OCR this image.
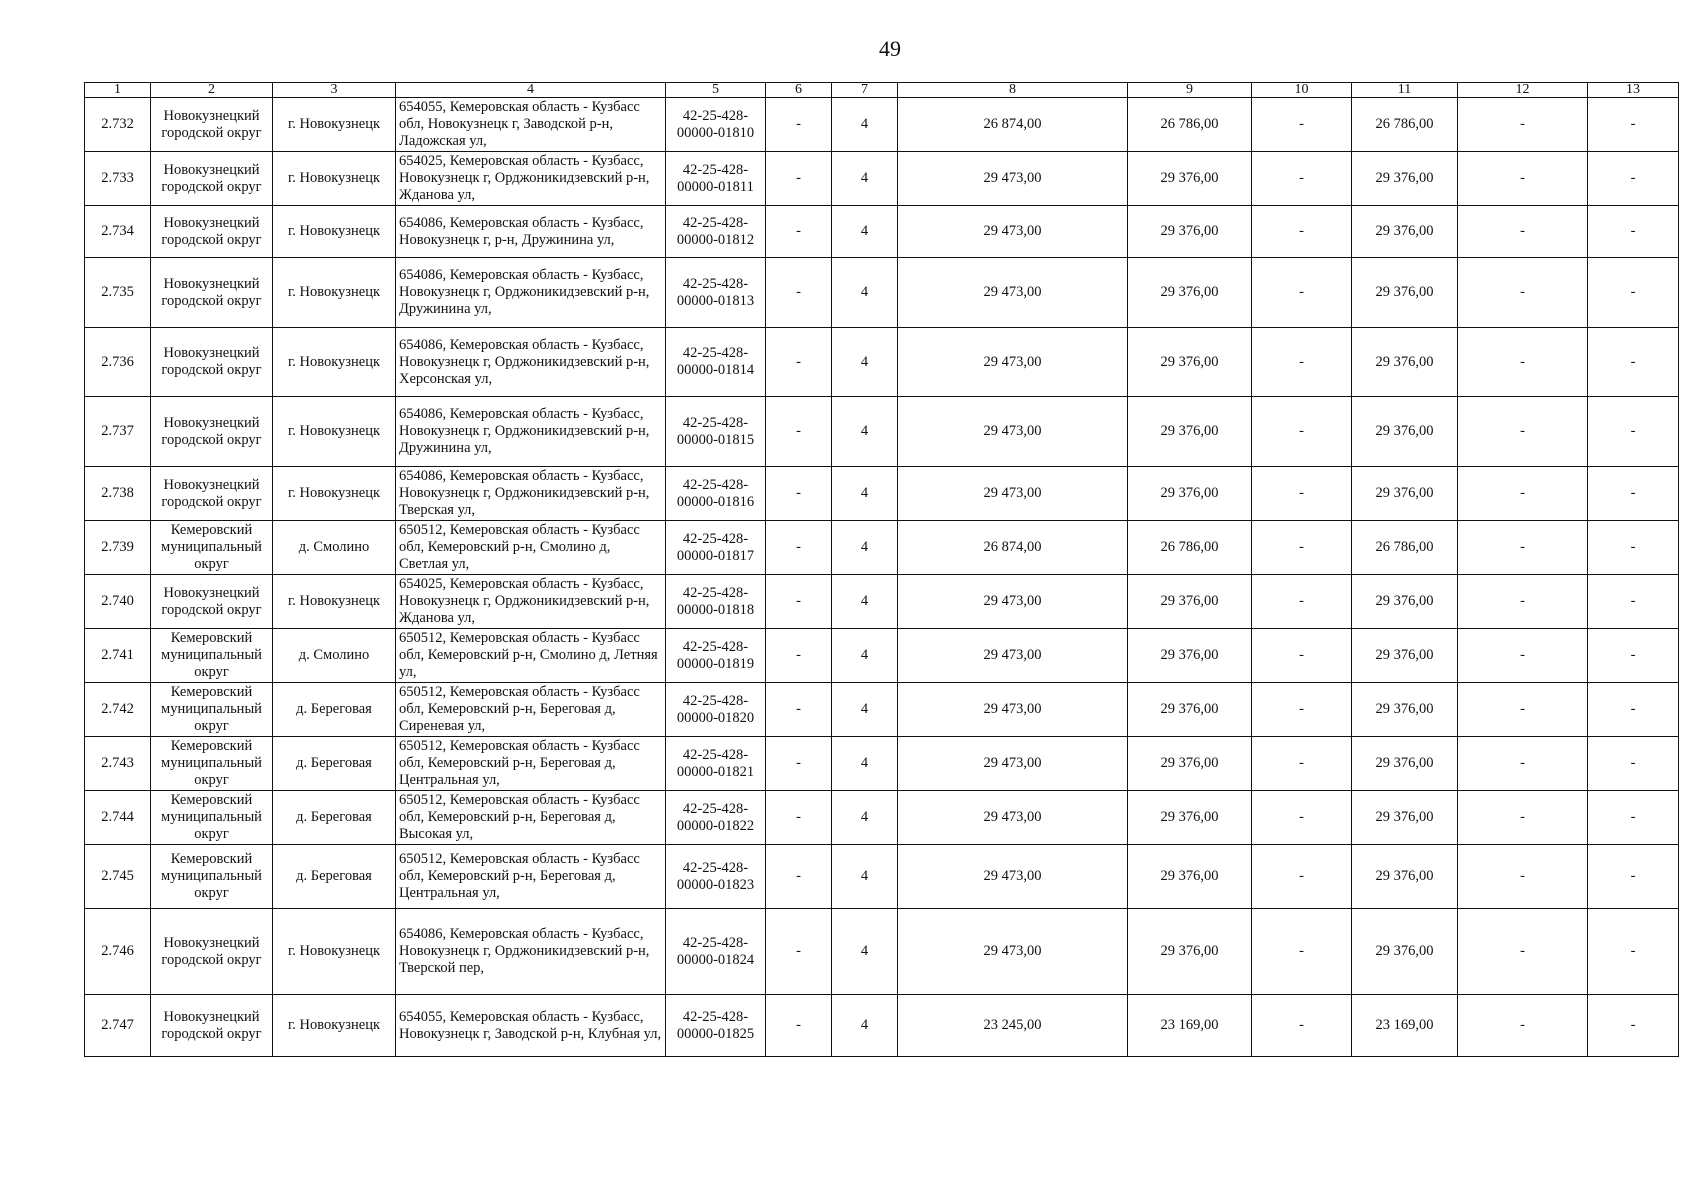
49
1	2	3	4	5	6	7	8	9	10	11	12	13
2.732	Новокузнецкий городской округ	г. Новокузнецк	654055, Кемеровская область - Кузбасс обл, Новокузнецк г, Заводской р-н, Ладожская ул,	42-25-428-00000-01810	-	4	26 874,00	26 786,00	-	26 786,00	-	-
2.733	Новокузнецкий городской округ	г. Новокузнецк	654025, Кемеровская область - Кузбасс, Новокузнецк г, Орджоникидзевский р-н, Жданова ул,	42-25-428-00000-01811	-	4	29 473,00	29 376,00	-	29 376,00	-	-
2.734	Новокузнецкий городской округ	г. Новокузнецк	654086, Кемеровская область - Кузбасс, Новокузнецк г, р-н, Дружинина ул,	42-25-428-00000-01812	-	4	29 473,00	29 376,00	-	29 376,00	-	-
2.735	Новокузнецкий городской округ	г. Новокузнецк	654086, Кемеровская область - Кузбасс, Новокузнецк г, Орджоникидзевский р-н, Дружинина ул,	42-25-428-00000-01813	-	4	29 473,00	29 376,00	-	29 376,00	-	-
2.736	Новокузнецкий городской округ	г. Новокузнецк	654086, Кемеровская область - Кузбасс, Новокузнецк г, Орджоникидзевский р-н, Херсонская ул,	42-25-428-00000-01814	-	4	29 473,00	29 376,00	-	29 376,00	-	-
2.737	Новокузнецкий городской округ	г. Новокузнецк	654086, Кемеровская область - Кузбасс, Новокузнецк г, Орджоникидзевский р-н, Дружинина ул,	42-25-428-00000-01815	-	4	29 473,00	29 376,00	-	29 376,00	-	-
2.738	Новокузнецкий городской округ	г. Новокузнецк	654086, Кемеровская область - Кузбасс, Новокузнецк г, Орджоникидзевский р-н, Тверская ул,	42-25-428-00000-01816	-	4	29 473,00	29 376,00	-	29 376,00	-	-
2.739	Кемеровский муниципальный округ	д. Смолино	650512, Кемеровская область - Кузбасс обл, Кемеровский р-н, Смолино д, Светлая ул,	42-25-428-00000-01817	-	4	26 874,00	26 786,00	-	26 786,00	-	-
2.740	Новокузнецкий городской округ	г. Новокузнецк	654025, Кемеровская область - Кузбасс, Новокузнецк г, Орджоникидзевский р-н, Жданова ул,	42-25-428-00000-01818	-	4	29 473,00	29 376,00	-	29 376,00	-	-
2.741	Кемеровский муниципальный округ	д. Смолино	650512, Кемеровская область - Кузбасс обл, Кемеровский р-н, Смолино д, Летняя ул,	42-25-428-00000-01819	-	4	29 473,00	29 376,00	-	29 376,00	-	-
2.742	Кемеровский муниципальный округ	д. Береговая	650512, Кемеровская область - Кузбасс обл, Кемеровский р-н, Береговая д, Сиреневая ул,	42-25-428-00000-01820	-	4	29 473,00	29 376,00	-	29 376,00	-	-
2.743	Кемеровский муниципальный округ	д. Береговая	650512, Кемеровская область - Кузбасс обл, Кемеровский р-н, Береговая д, Центральная ул,	42-25-428-00000-01821	-	4	29 473,00	29 376,00	-	29 376,00	-	-
2.744	Кемеровский муниципальный округ	д. Береговая	650512, Кемеровская область - Кузбасс обл, Кемеровский р-н, Береговая д, Высокая ул,	42-25-428-00000-01822	-	4	29 473,00	29 376,00	-	29 376,00	-	-
2.745	Кемеровский муниципальный округ	д. Береговая	650512, Кемеровская область - Кузбасс обл, Кемеровский р-н, Береговая д, Центральная ул,	42-25-428-00000-01823	-	4	29 473,00	29 376,00	-	29 376,00	-	-
2.746	Новокузнецкий городской округ	г. Новокузнецк	654086, Кемеровская область - Кузбасс, Новокузнецк г, Орджоникидзевский р-н, Тверской пер,	42-25-428-00000-01824	-	4	29 473,00	29 376,00	-	29 376,00	-	-
2.747	Новокузнецкий городской округ	г. Новокузнецк	654055, Кемеровская область - Кузбасс, Новокузнецк г, Заводской р-н, Клубная ул,	42-25-428-00000-01825	-	4	23 245,00	23 169,00	-	23 169,00	-	-
